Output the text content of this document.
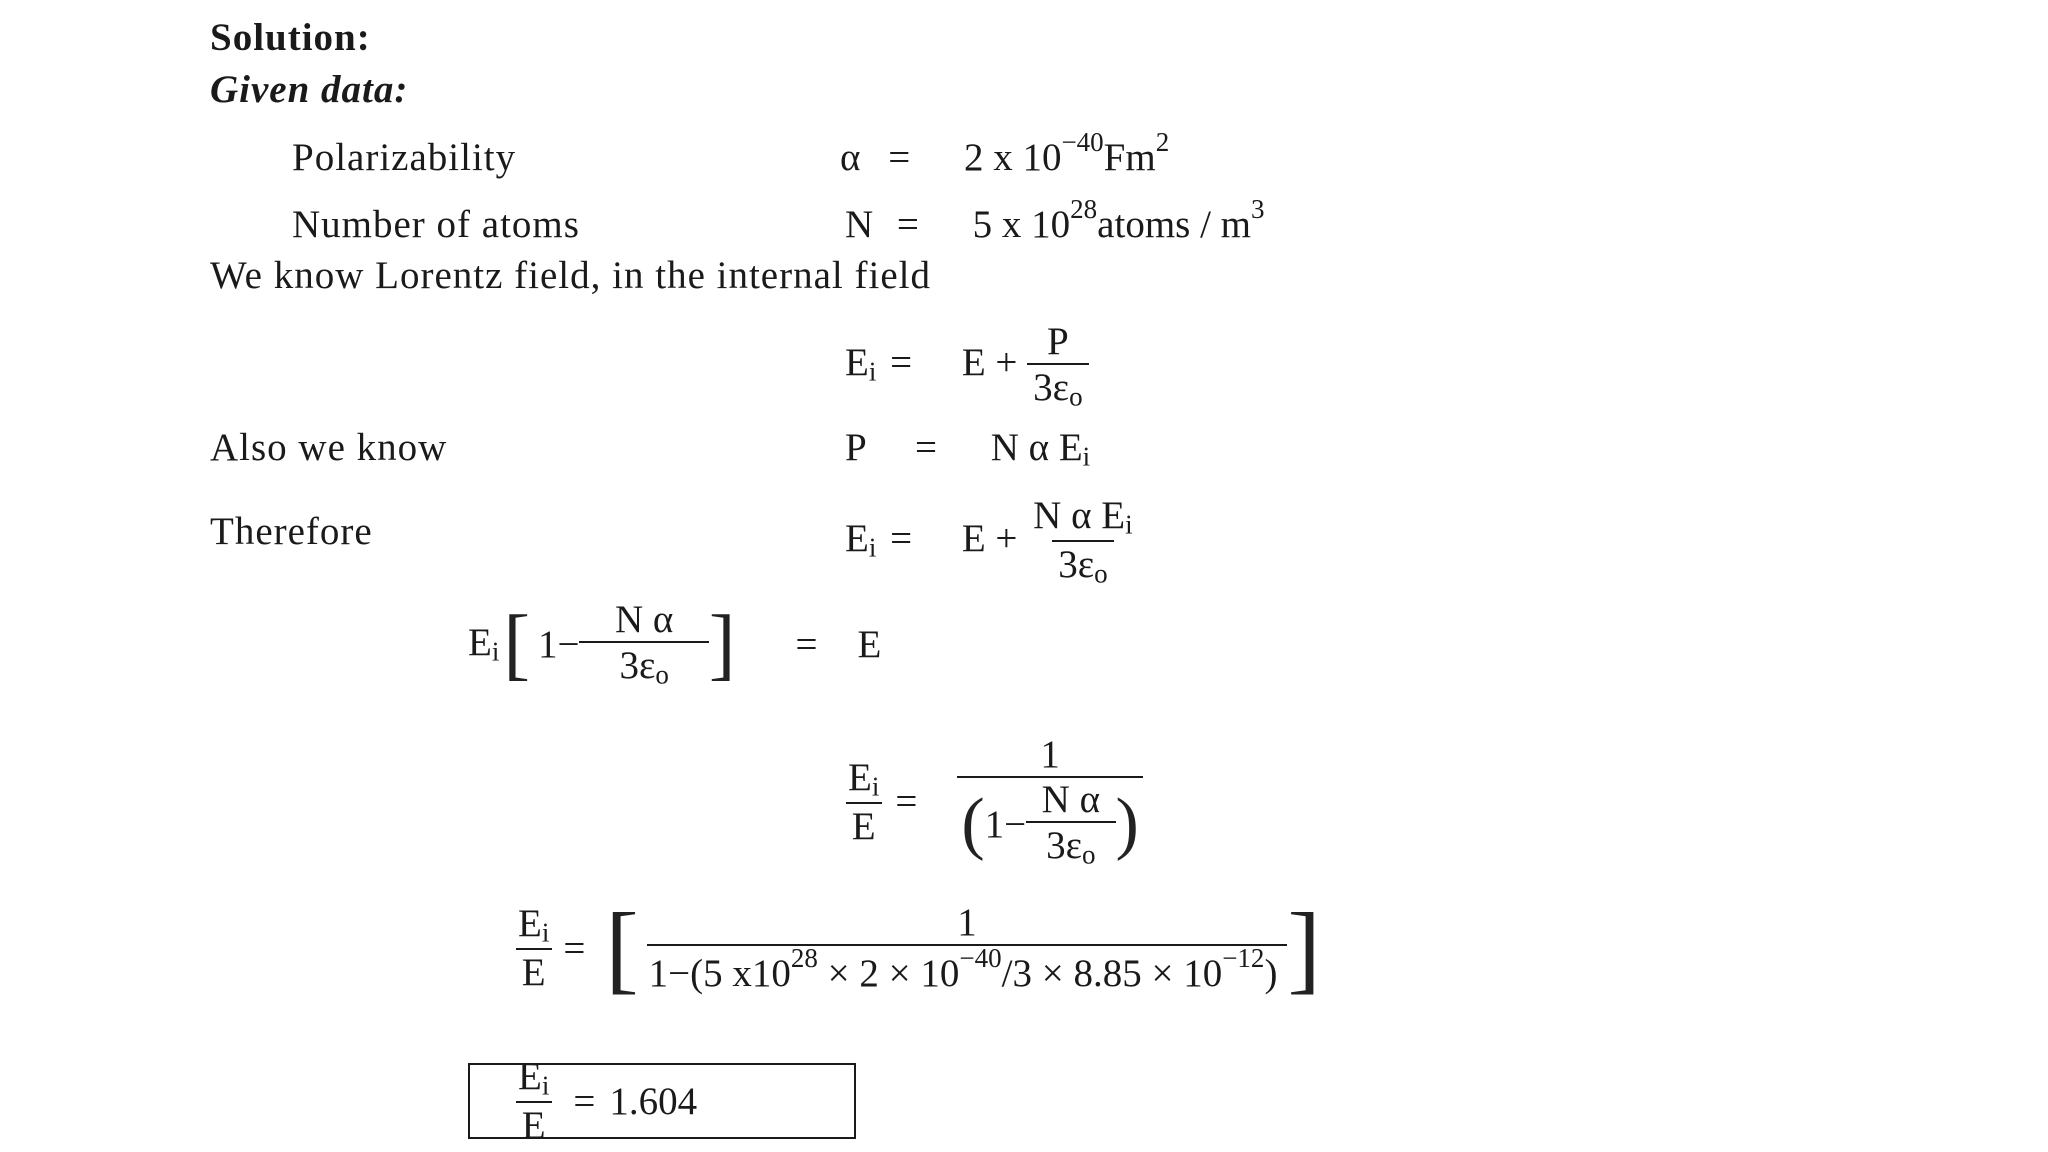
Solution:
Given data:
Polarizability	α = 2 x $10^{-40}Fm^2$
Number of atoms	N = 5 x $10^{28}atoms / m^3$
We know Lorentz field, in the internal field
$E_i = E + \frac{P}{3\varepsilon_o}$
Also we know	P = N α $E_i$
Therefore	$E_i = E + \frac{N \alpha E_i}{3\varepsilon_o}$
$E_i$ [ $1- \frac{\text{N α}}{3\varepsilon_o}$ ] = E
$\frac{E_i}{E} = \frac{1}{( 1- \frac{\text{N α}}{3\varepsilon_o} )}$
$\frac{E_i}{E}$ = [ $\frac{1}{1-(5 x10^{28} \times 2 \times 10^{-40}/3 \times 8.85 \times 10^{-12})}$ ]
$\frac{E_i}{E} = 1.604$
